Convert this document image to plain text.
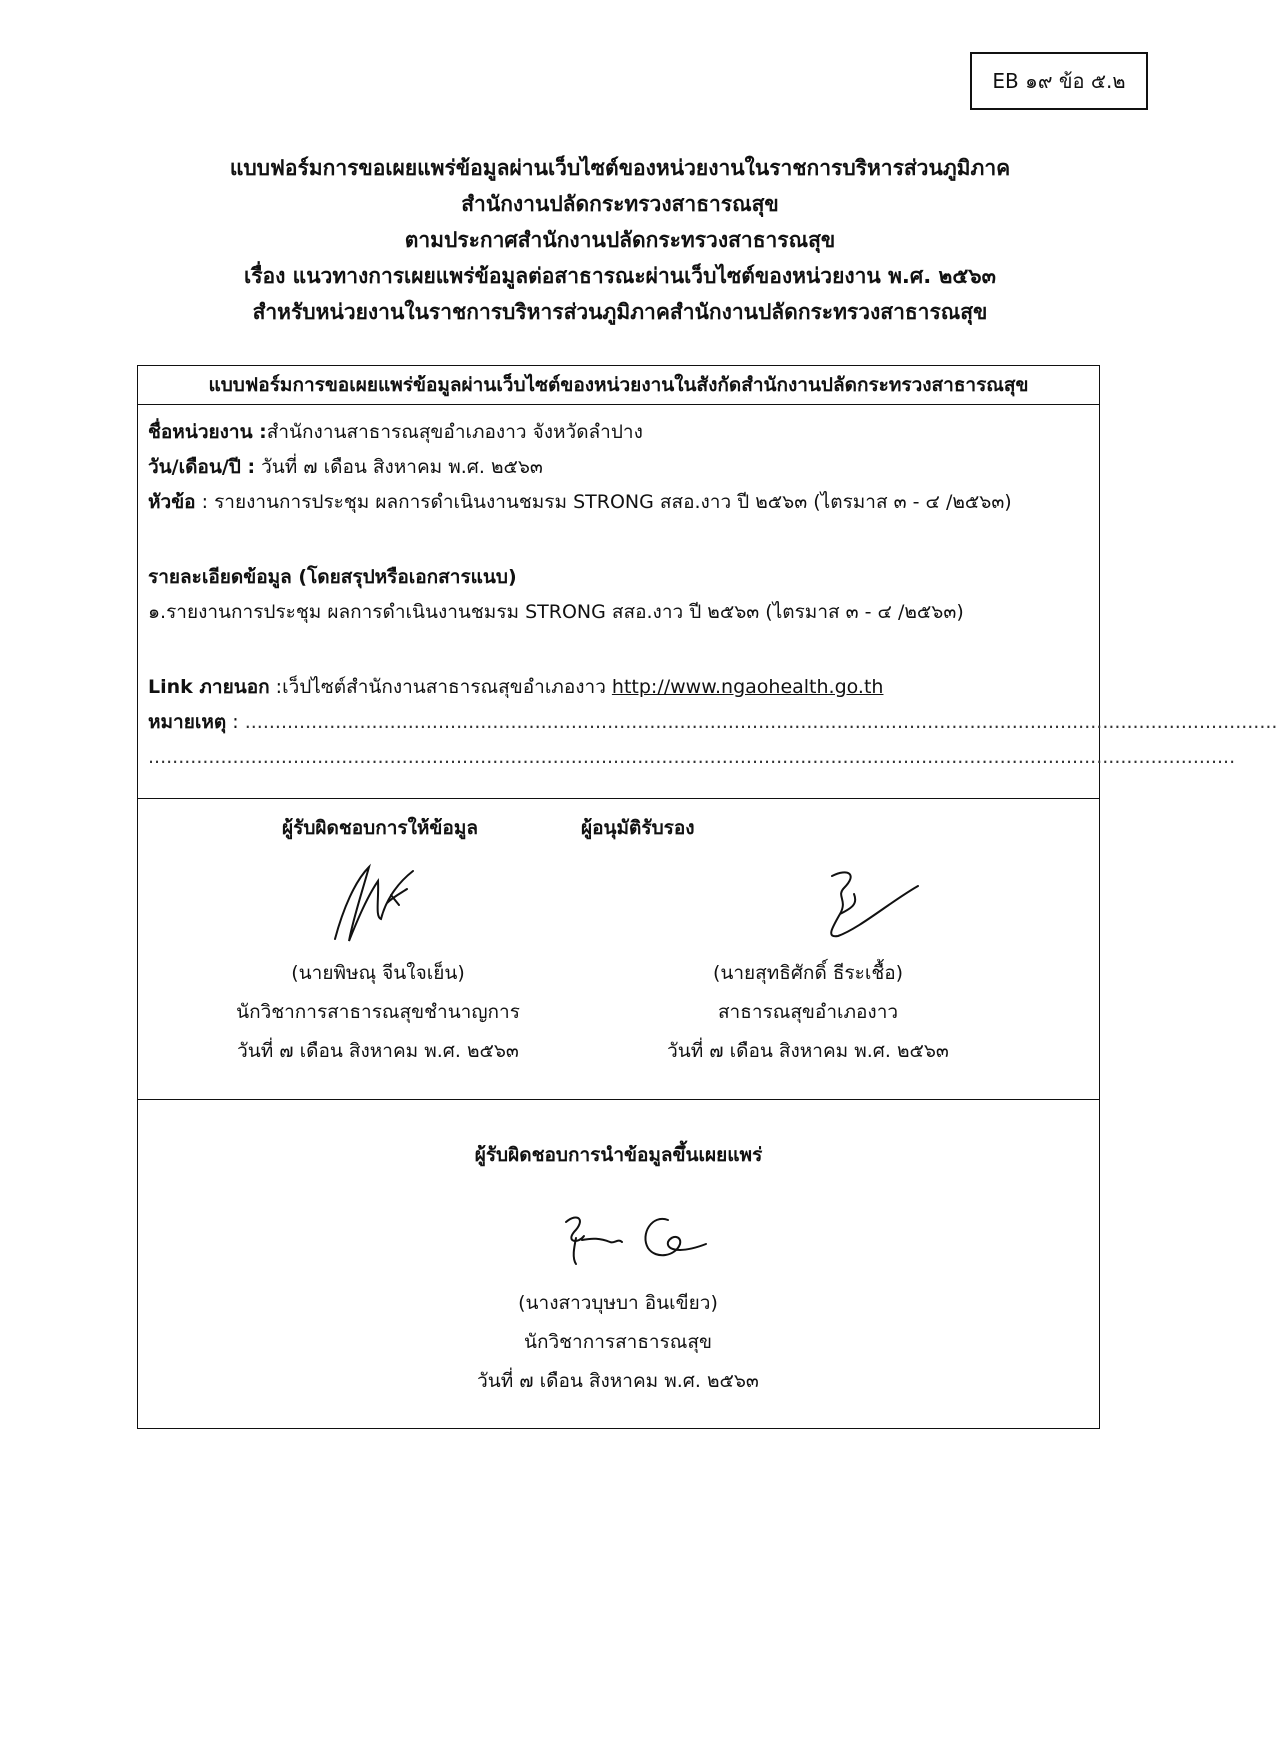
EB ๑๙ ข้อ ๕.๒
แบบฟอร์มการขอเผยแพร่ข้อมูลผ่านเว็บไซต์ของหน่วยงานในราชการบริหารส่วนภูมิภาค
สำนักงานปลัดกระทรวงสาธารณสุข
ตามประกาศสำนักงานปลัดกระทรวงสาธารณสุข
เรื่อง แนวทางการเผยแพร่ข้อมูลต่อสาธารณะผ่านเว็บไซต์ของหน่วยงาน พ.ศ. ๒๕๖๓
สำหรับหน่วยงานในราชการบริหารส่วนภูมิภาคสำนักงานปลัดกระทรวงสาธารณสุข
แบบฟอร์มการขอเผยแพร่ข้อมูลผ่านเว็บไซต์ของหน่วยงานในสังกัดสำนักงานปลัดกระทรวงสาธารณสุข
ชื่อหน่วยงาน :สำนักงานสาธารณสุขอำเภองาว จังหวัดลำปาง
วัน/เดือน/ปี : วันที่ ๗ เดือน สิงหาคม พ.ศ. ๒๕๖๓
หัวข้อ : รายงานการประชุม ผลการดำเนินงานชมรม STRONG สสอ.งาว ปี ๒๕๖๓ (ไตรมาส ๓ - ๔ /๒๕๖๓)
รายละเอียดข้อมูล (โดยสรุปหรือเอกสารแนบ)
๑.รายงานการประชุม ผลการดำเนินงานชมรม STRONG สสอ.งาว ปี ๒๕๖๓ (ไตรมาส ๓ - ๔ /๒๕๖๓)
Link ภายนอก :เว็ปไซต์สำนักงานสาธารณสุขอำเภองาว http://www.ngaohealth.go.th
หมายเหตุ : ...........................................................................................................................................................................
....................................................................................................................................................................................
ผู้รับผิดชอบการให้ข้อมูล	ผู้อนุมัติรับรอง
(นายพิษณุ จีนใจเย็น)
นักวิชาการสาธารณสุขชำนาญการ
วันที่ ๗ เดือน สิงหาคม พ.ศ. ๒๕๖๓
(นายสุทธิศักดิ์ ธีระเชื้อ)
สาธารณสุขอำเภองาว
วันที่ ๗ เดือน สิงหาคม พ.ศ. ๒๕๖๓
ผู้รับผิดชอบการนำข้อมูลขึ้นเผยแพร่
(นางสาวบุษบา อินเขียว)
นักวิชาการสาธารณสุข
วันที่ ๗ เดือน สิงหาคม พ.ศ. ๒๕๖๓
